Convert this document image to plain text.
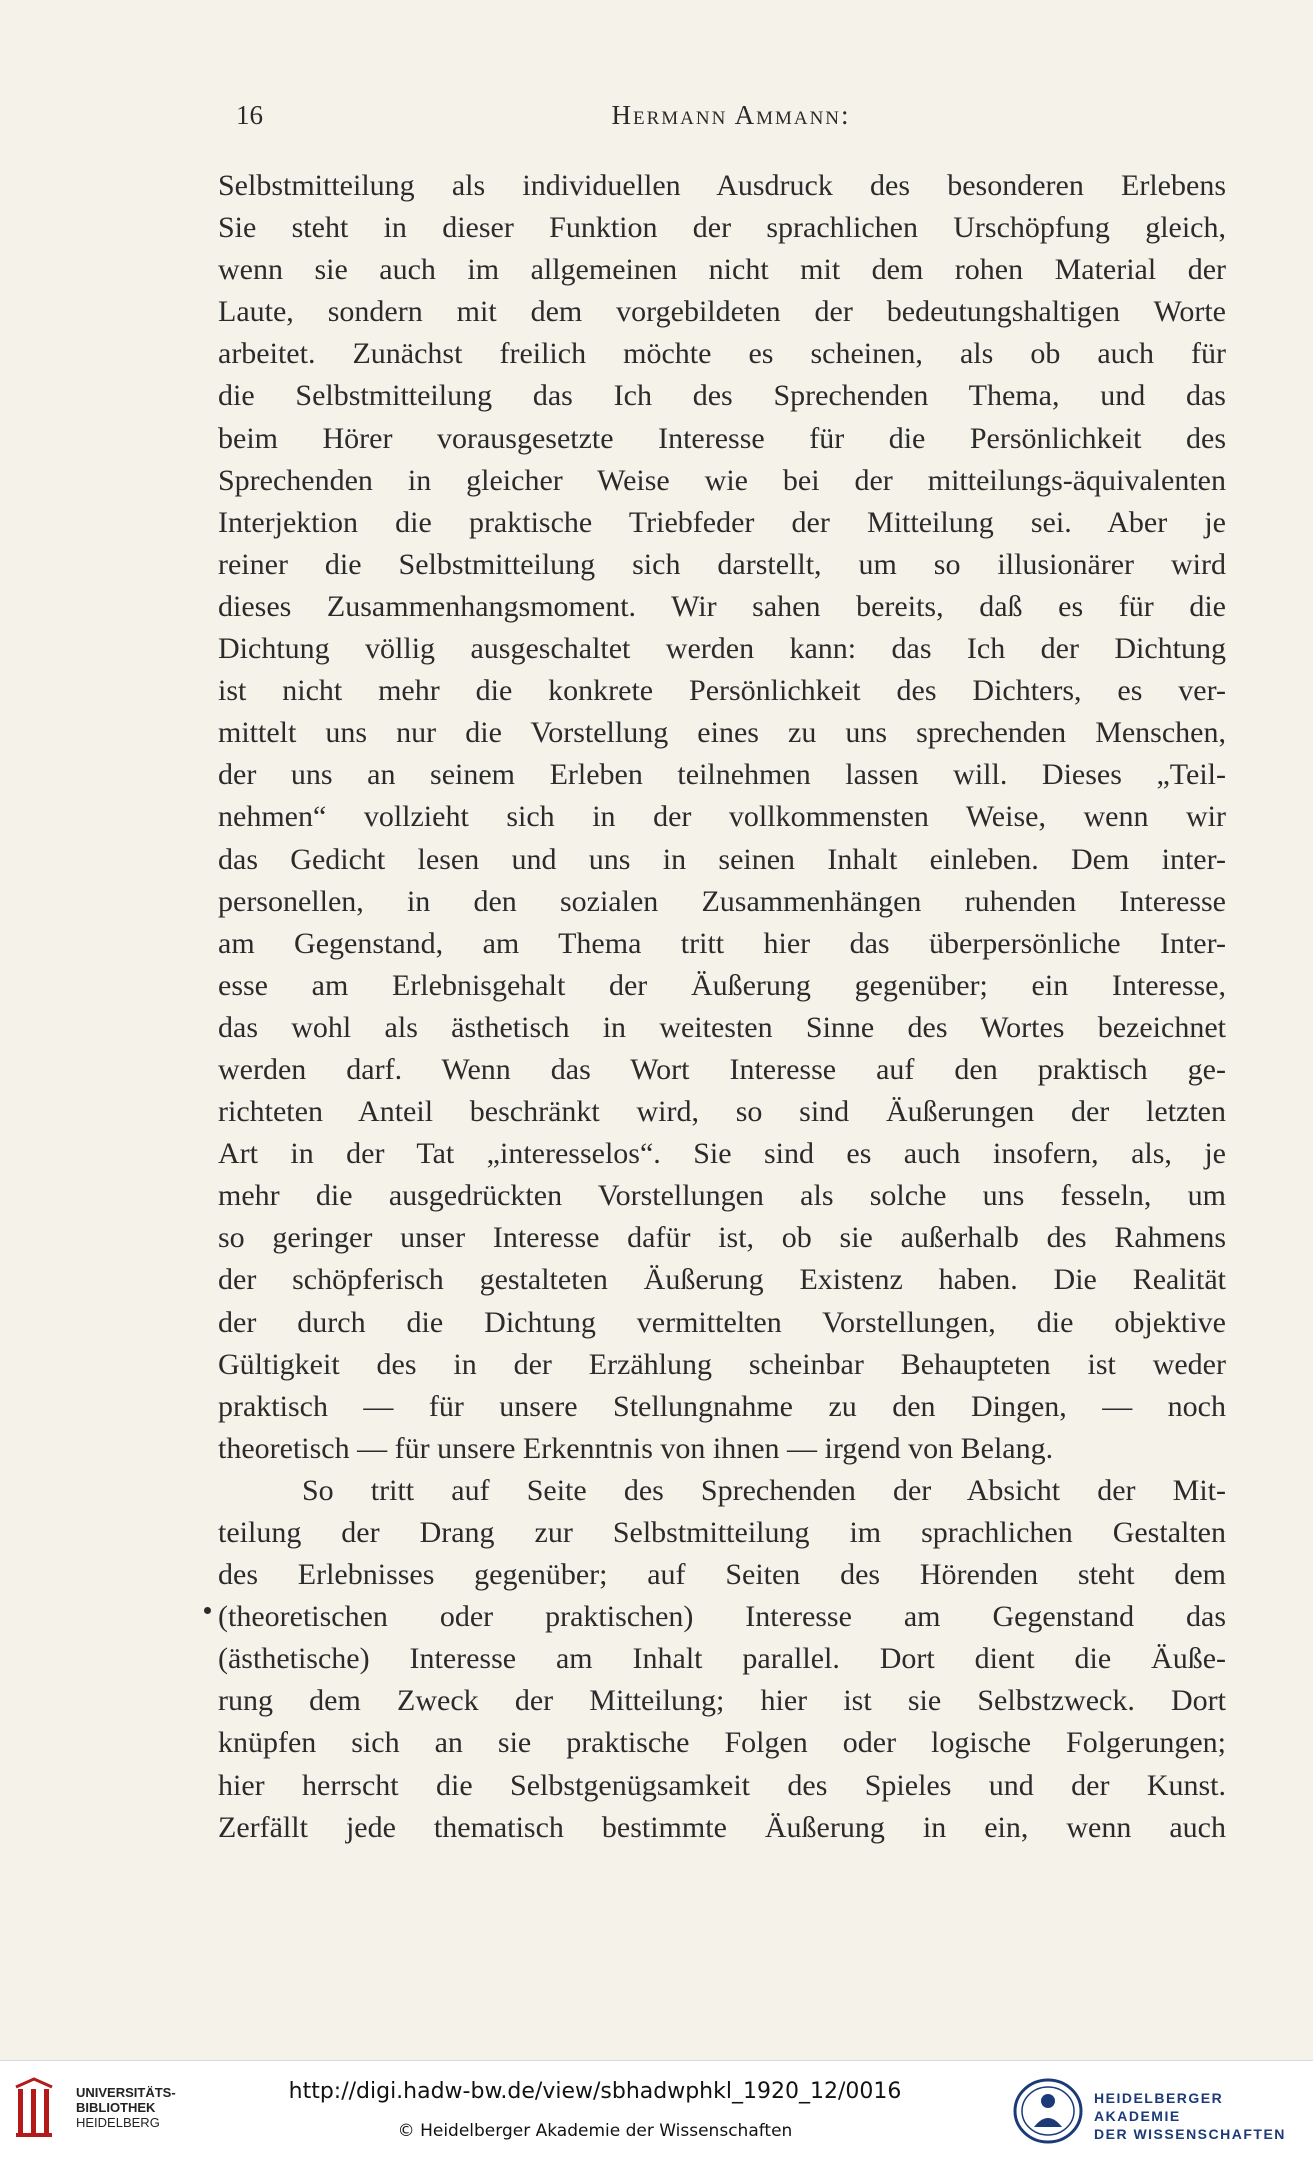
16	Hermann Ammann:
Selbstmitteilung als individuellen Ausdruck des besonderen Erlebens
Sie steht in dieser Funktion der sprachlichen Urschöpfung gleich,
wenn sie auch im allgemeinen nicht mit dem rohen Material der
Laute, sondern mit dem vorgebildeten der bedeutungshaltigen Worte
arbeitet. Zunächst freilich möchte es scheinen, als ob auch für
die Selbstmitteilung das Ich des Sprechenden Thema, und das
beim Hörer vorausgesetzte Interesse für die Persönlichkeit des
Sprechenden in gleicher Weise wie bei der mitteilungs-äquivalenten
Interjektion die praktische Triebfeder der Mitteilung sei. Aber je
reiner die Selbstmitteilung sich darstellt, um so illusionärer wird
dieses Zusammenhangsmoment. Wir sahen bereits, daß es für die
Dichtung völlig ausgeschaltet werden kann: das Ich der Dichtung
ist nicht mehr die konkrete Persönlichkeit des Dichters, es ver-
mittelt uns nur die Vorstellung eines zu uns sprechenden Menschen,
der uns an seinem Erleben teilnehmen lassen will. Dieses „Teil-
nehmen“ vollzieht sich in der vollkommensten Weise, wenn wir
das Gedicht lesen und uns in seinen Inhalt einleben. Dem inter-
personellen, in den sozialen Zusammenhängen ruhenden Interesse
am Gegenstand, am Thema tritt hier das überpersönliche Inter-
esse am Erlebnisgehalt der Äußerung gegenüber; ein Interesse,
das wohl als ästhetisch in weitesten Sinne des Wortes bezeichnet
werden darf. Wenn das Wort Interesse auf den praktisch ge-
richteten Anteil beschränkt wird, so sind Äußerungen der letzten
Art in der Tat „interesselos“. Sie sind es auch insofern, als, je
mehr die ausgedrückten Vorstellungen als solche uns fesseln, um
so geringer unser Interesse dafür ist, ob sie außerhalb des Rahmens
der schöpferisch gestalteten Äußerung Existenz haben. Die Realität
der durch die Dichtung vermittelten Vorstellungen, die objektive
Gültigkeit des in der Erzählung scheinbar Behaupteten ist weder
praktisch — für unsere Stellungnahme zu den Dingen, — noch
theoretisch — für unsere Erkenntnis von ihnen — irgend von Belang.
So tritt auf Seite des Sprechenden der Absicht der Mit-
teilung der Drang zur Selbstmitteilung im sprachlichen Gestalten
des Erlebnisses gegenüber; auf Seiten des Hörenden steht dem
(theoretischen oder praktischen) Interesse am Gegenstand das
(ästhetische) Interesse am Inhalt parallel. Dort dient die Äuße-
rung dem Zweck der Mitteilung; hier ist sie Selbstzweck. Dort
knüpfen sich an sie praktische Folgen oder logische Folgerungen;
hier herrscht die Selbstgenügsamkeit des Spieles und der Kunst.
Zerfällt jede thematisch bestimmte Äußerung in ein, wenn auch
UNIVERSITÄTS-
BIBLIOTHEK
HEIDELBERG
http://digi.hadw-bw.de/view/sbhadwphkl_1920_12/0016
© Heidelberger Akademie der Wissenschaften
HEIDELBERGER AKADEMIE
DER WISSENSCHAFTEN
